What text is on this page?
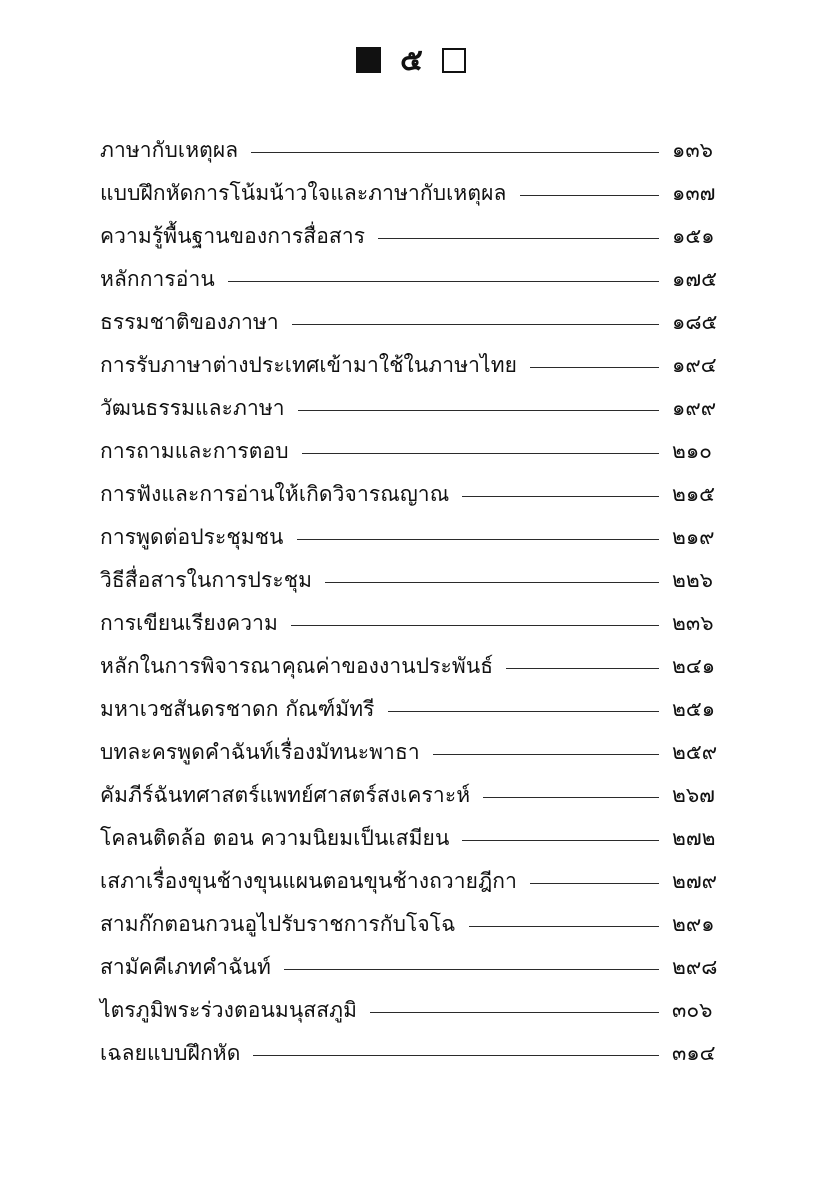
๕
ภาษากับเหตุผล	๑๓๖
แบบฝึกหัดการโน้มน้าวใจและภาษากับเหตุผล	๑๓๗
ความรู้พื้นฐานของการสื่อสาร	๑๕๑
หลักการอ่าน	๑๗๕
ธรรมชาติของภาษา	๑๘๕
การรับภาษาต่างประเทศเข้ามาใช้ในภาษาไทย	๑๙๔
วัฒนธรรมและภาษา	๑๙๙
การถามและการตอบ	๒๑๐
การฟังและการอ่านให้เกิดวิจารณญาณ	๒๑๕
การพูดต่อประชุมชน	๒๑๙
วิธีสื่อสารในการประชุม	๒๒๖
การเขียนเรียงความ	๒๓๖
หลักในการพิจารณาคุณค่าของงานประพันธ์	๒๔๑
มหาเวชสันดรชาดก กัณฑ์มัทรี	๒๕๑
บทละครพูดคำฉันท์เรื่องมัทนะพาธา	๒๕๙
คัมภีร์ฉันทศาสตร์แพทย์ศาสตร์สงเคราะห์	๒๖๗
โคลนติดล้อ ตอน ความนิยมเป็นเสมียน	๒๗๒
เสภาเรื่องขุนช้างขุนแผนตอนขุนช้างถวายฎีกา	๒๗๙
สามก๊กตอนกวนอูไปรับราชการกับโจโฉ	๒๙๑
สามัคคีเภทคำฉันท์	๒๙๘
ไตรภูมิพระร่วงตอนมนุสสภูมิ	๓๐๖
เฉลยแบบฝึกหัด	๓๑๔
